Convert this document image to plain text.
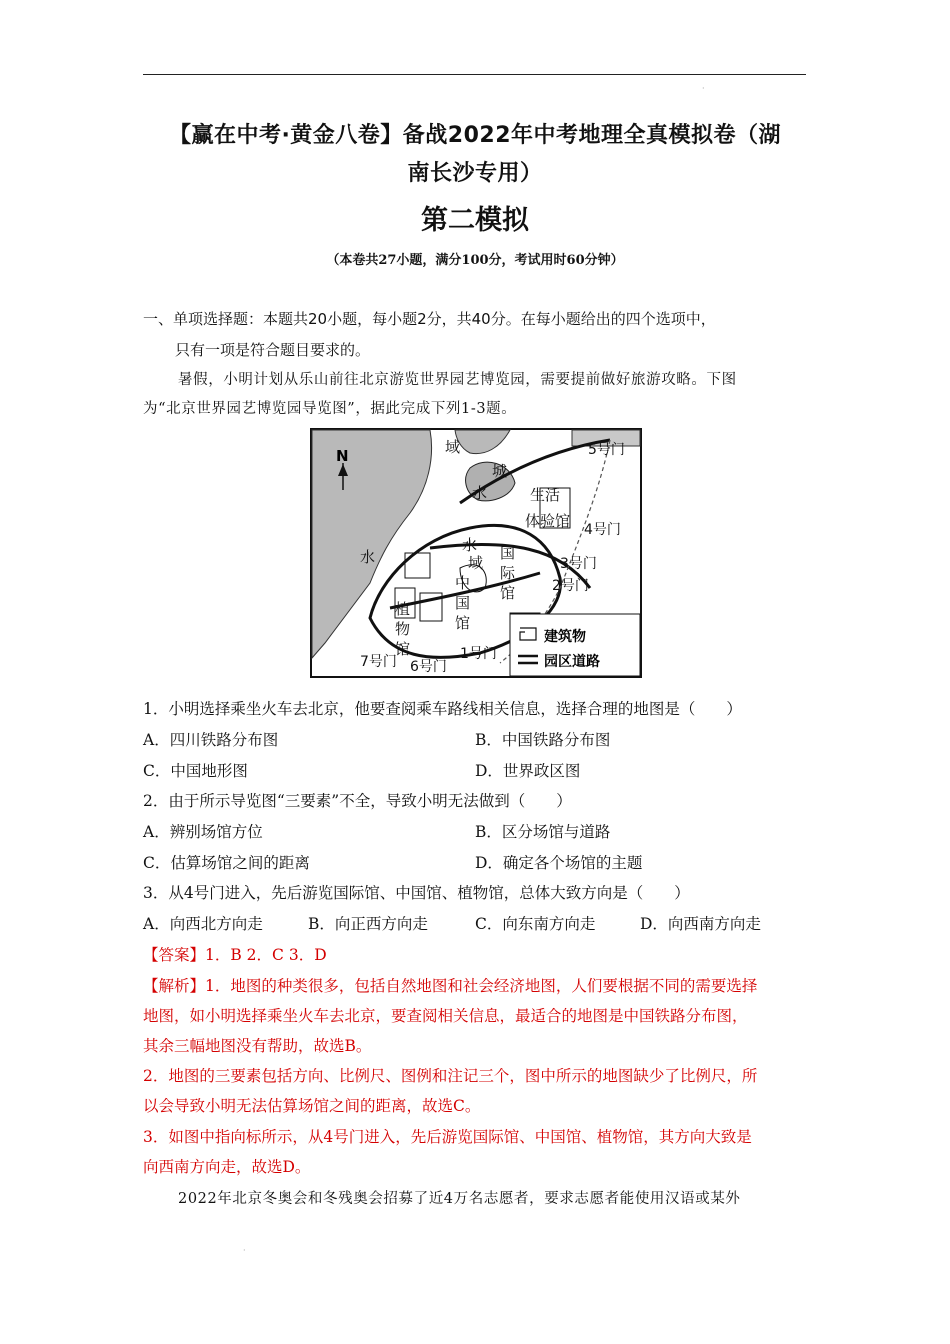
·
【赢在中考·黄金八卷】备战2022年中考地理全真模拟卷（湖
南长沙专用）
第二模拟
（本卷共27小题，满分100分，考试用时60分钟）
一、单项选择题：本题共20小题，每小题2分，共40分。在每小题给出的四个选项中，
只有一项是符合题目要求的。
暑假，小明计划从乐山前往北京游览世界园艺博览园，需要提前做好旅游攻略。下图
为“北京世界园艺博览园导览图”，据此完成下列1-3题。
N	域
城
水
水
水
域
生活
体验馆
国
际
馆
中
国
馆
植
物
馆
5号门
4号门
3号门
2号门
1号门
6号门
7号门
建筑物
园区道路
1．小明选择乘坐火车去北京，他要查阅乘车路线相关信息，选择合理的地图是（　　）
A．四川铁路分布图	B．中国铁路分布图
C．中国地形图	D．世界政区图
2．由于所示导览图“三要素”不全，导致小明无法做到（　　）
A．辨别场馆方位	B．区分场馆与道路
C．估算场馆之间的距离	D．确定各个场馆的主题
3．从4号门进入，先后游览国际馆、中国馆、植物馆，总体大致方向是（　　）
A．向西北方向走	B．向正西方向走	C．向东南方向走	D．向西南方向走
【答案】1．B 2．C 3．D
【解析】1．地图的种类很多，包括自然地图和社会经济地图，人们要根据不同的需要选择
地图，如小明选择乘坐火车去北京，要查阅相关信息，最适合的地图是中国铁路分布图，
其余三幅地图没有帮助，故选B。
2．地图的三要素包括方向、比例尺、图例和注记三个，图中所示的地图缺少了比例尺，所
以会导致小明无法估算场馆之间的距离，故选C。
3．如图中指向标所示，从4号门进入，先后游览国际馆、中国馆、植物馆，其方向大致是
向西南方向走，故选D。
2022年北京冬奥会和冬残奥会招募了近4万名志愿者，要求志愿者能使用汉语或某外
·
